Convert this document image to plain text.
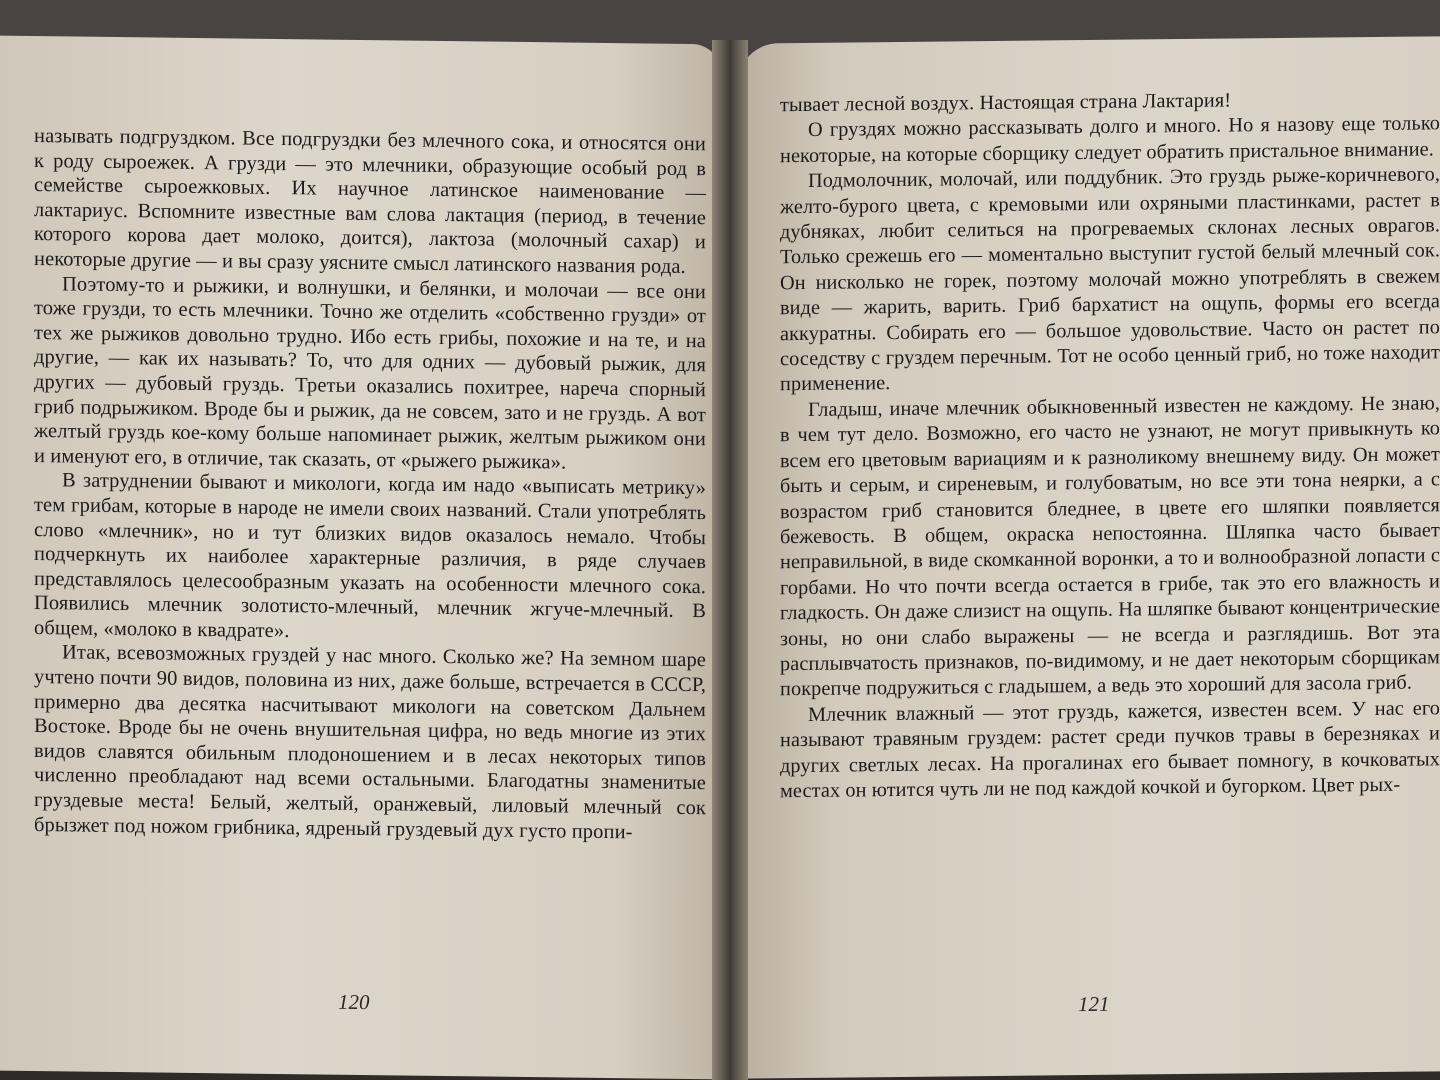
называть подгруздком. Все подгруздки без млечного сока, и относятся они к роду сыроежек. А грузди — это млечники, образующие особый род в семействе сыроежковых. Их научное латинское наименование — лактариус. Вспомните известные вам слова лактация (период, в течение которого корова дает молоко, доится), лактоза (молочный сахар) и некоторые другие — и вы сразу уясните смысл латинского названия рода.

Поэтому-то и рыжики, и волнушки, и белянки, и молочаи — все они тоже грузди, то есть млечники. Точно же отделить «собственно грузди» от тех же рыжиков довольно трудно. Ибо есть грибы, похожие и на те, и на другие, — как их называть? То, что для одних — дубовый рыжик, для других — дубовый груздь. Третьи оказались похитрее, нареча спорный гриб подрыжиком. Вроде бы и рыжик, да не совсем, зато и не груздь. А вот желтый груздь кое-кому больше напоминает рыжик, желтым рыжиком они и именуют его, в отличие, так сказать, от «рыжего рыжика».

В затруднении бывают и микологи, когда им надо «выписать метрику» тем грибам, которые в народе не имели своих названий. Стали употреблять слово «млечник», но и тут близких видов оказалось немало. Чтобы подчеркнуть их наиболее характерные различия, в ряде случаев представлялось целесообразным указать на особенности млечного сока. Появились млечник золотисто-млечный, млечник жгуче-млечный. В общем, «молоко в квадрате».

Итак, всевозможных груздей у нас много. Сколько же? На земном шаре учтено почти 90 видов, половина из них, даже больше, встречается в СССР, примерно два десятка насчитывают микологи на советском Дальнем Востоке. Вроде бы не очень внушительная цифра, но ведь многие из этих видов славятся обильным плодоношением и в лесах некоторых типов численно преобладают над всеми остальными. Благодатны знаменитые груздевые места! Белый, желтый, оранжевый, лиловый млечный сок брызжет под ножом грибника, ядреный груздевый дух густо пропи-

120

тывает лесной воздух. Настоящая страна Лактария!

О груздях можно рассказывать долго и много. Но я назову еще только некоторые, на которые сборщику следует обратить пристальное внимание.

Подмолочник, молочай, или поддубник. Это груздь рыже-коричневого, желто-бурого цвета, с кремовыми или охряными пластинками, растет в дубняках, любит селиться на прогреваемых склонах лесных оврагов. Только срежешь его — моментально выступит густой белый млечный сок. Он нисколько не горек, поэтому молочай можно употреблять в свежем виде — жарить, варить. Гриб бархатист на ощупь, формы его всегда аккуратны. Собирать его — большое удовольствие. Часто он растет по соседству с груздем перечным. Тот не особо ценный гриб, но тоже находит применение.

Гладыш, иначе млечник обыкновенный известен не каждому. Не знаю, в чем тут дело. Возможно, его часто не узнают, не могут привыкнуть ко всем его цветовым вариациям и к разноликому внешнему виду. Он может быть и серым, и сиреневым, и голубоватым, но все эти тона неярки, а с возрастом гриб становится бледнее, в цвете его шляпки появляется бежевость. В общем, окраска непостоянна. Шляпка часто бывает неправильной, в виде скомканной воронки, а то и волнообразной лопасти с горбами. Но что почти всегда остается в грибе, так это его влажность и гладкость. Он даже слизист на ощупь. На шляпке бывают концентрические зоны, но они слабо выражены — не всегда и разглядишь. Вот эта расплывчатость признаков, по-видимому, и не дает некоторым сборщикам покрепче подружиться с гладышем, а ведь это хороший для засола гриб.

Млечник влажный — этот груздь, кажется, известен всем. У нас его называют травяным груздем: растет среди пучков травы в березняках и других светлых лесах. На прогалинах его бывает помногу, в кочковатых местах он ютится чуть ли не под каждой кочкой и бугорком. Цвет рых-

121
